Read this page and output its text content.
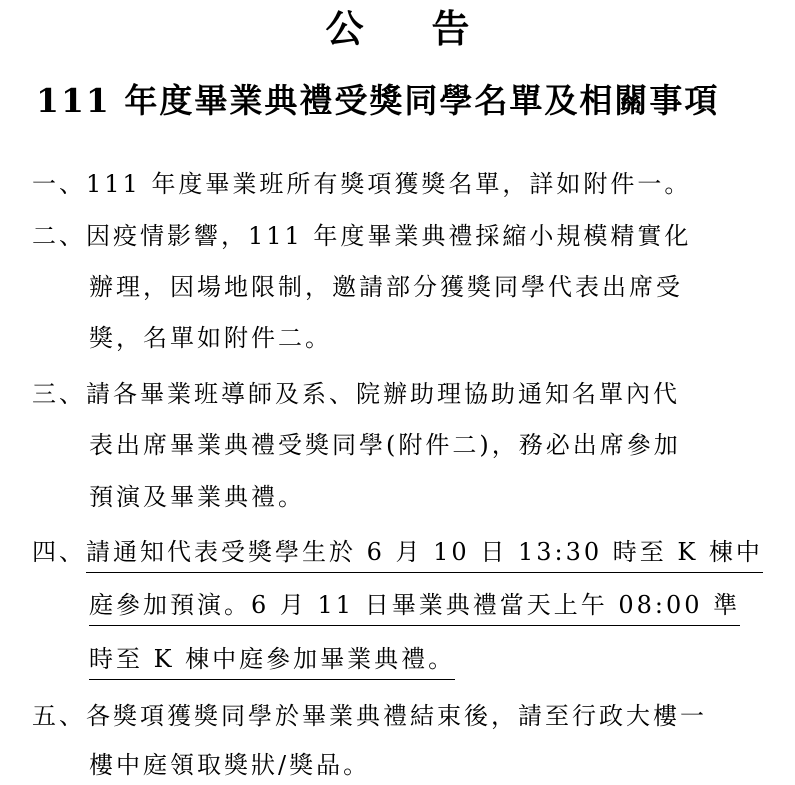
公告
111 年度畢業典禮受獎同學名單及相關事項

一、111 年度畢業班所有獎項獲獎名單，詳如附件一。

二、因疫情影響，111 年度畢業典禮採縮小規模精實化

辦理，因場地限制，邀請部分獲獎同學代表出席受

獎，名單如附件二。

三、請各畢業班導師及系、院辦助理協助通知名單內代

表出席畢業典禮受獎同學(附件二)，務必出席參加

預演及畢業典禮。

四、請通知代表受獎學生於 6 月 10 日 13:30 時至 K 棟中

庭參加預演。6 月 11 日畢業典禮當天上午 08:00 準

時至 K 棟中庭參加畢業典禮。

五、各獎項獲獎同學於畢業典禮結束後，請至行政大樓一

樓中庭領取獎狀/獎品。
